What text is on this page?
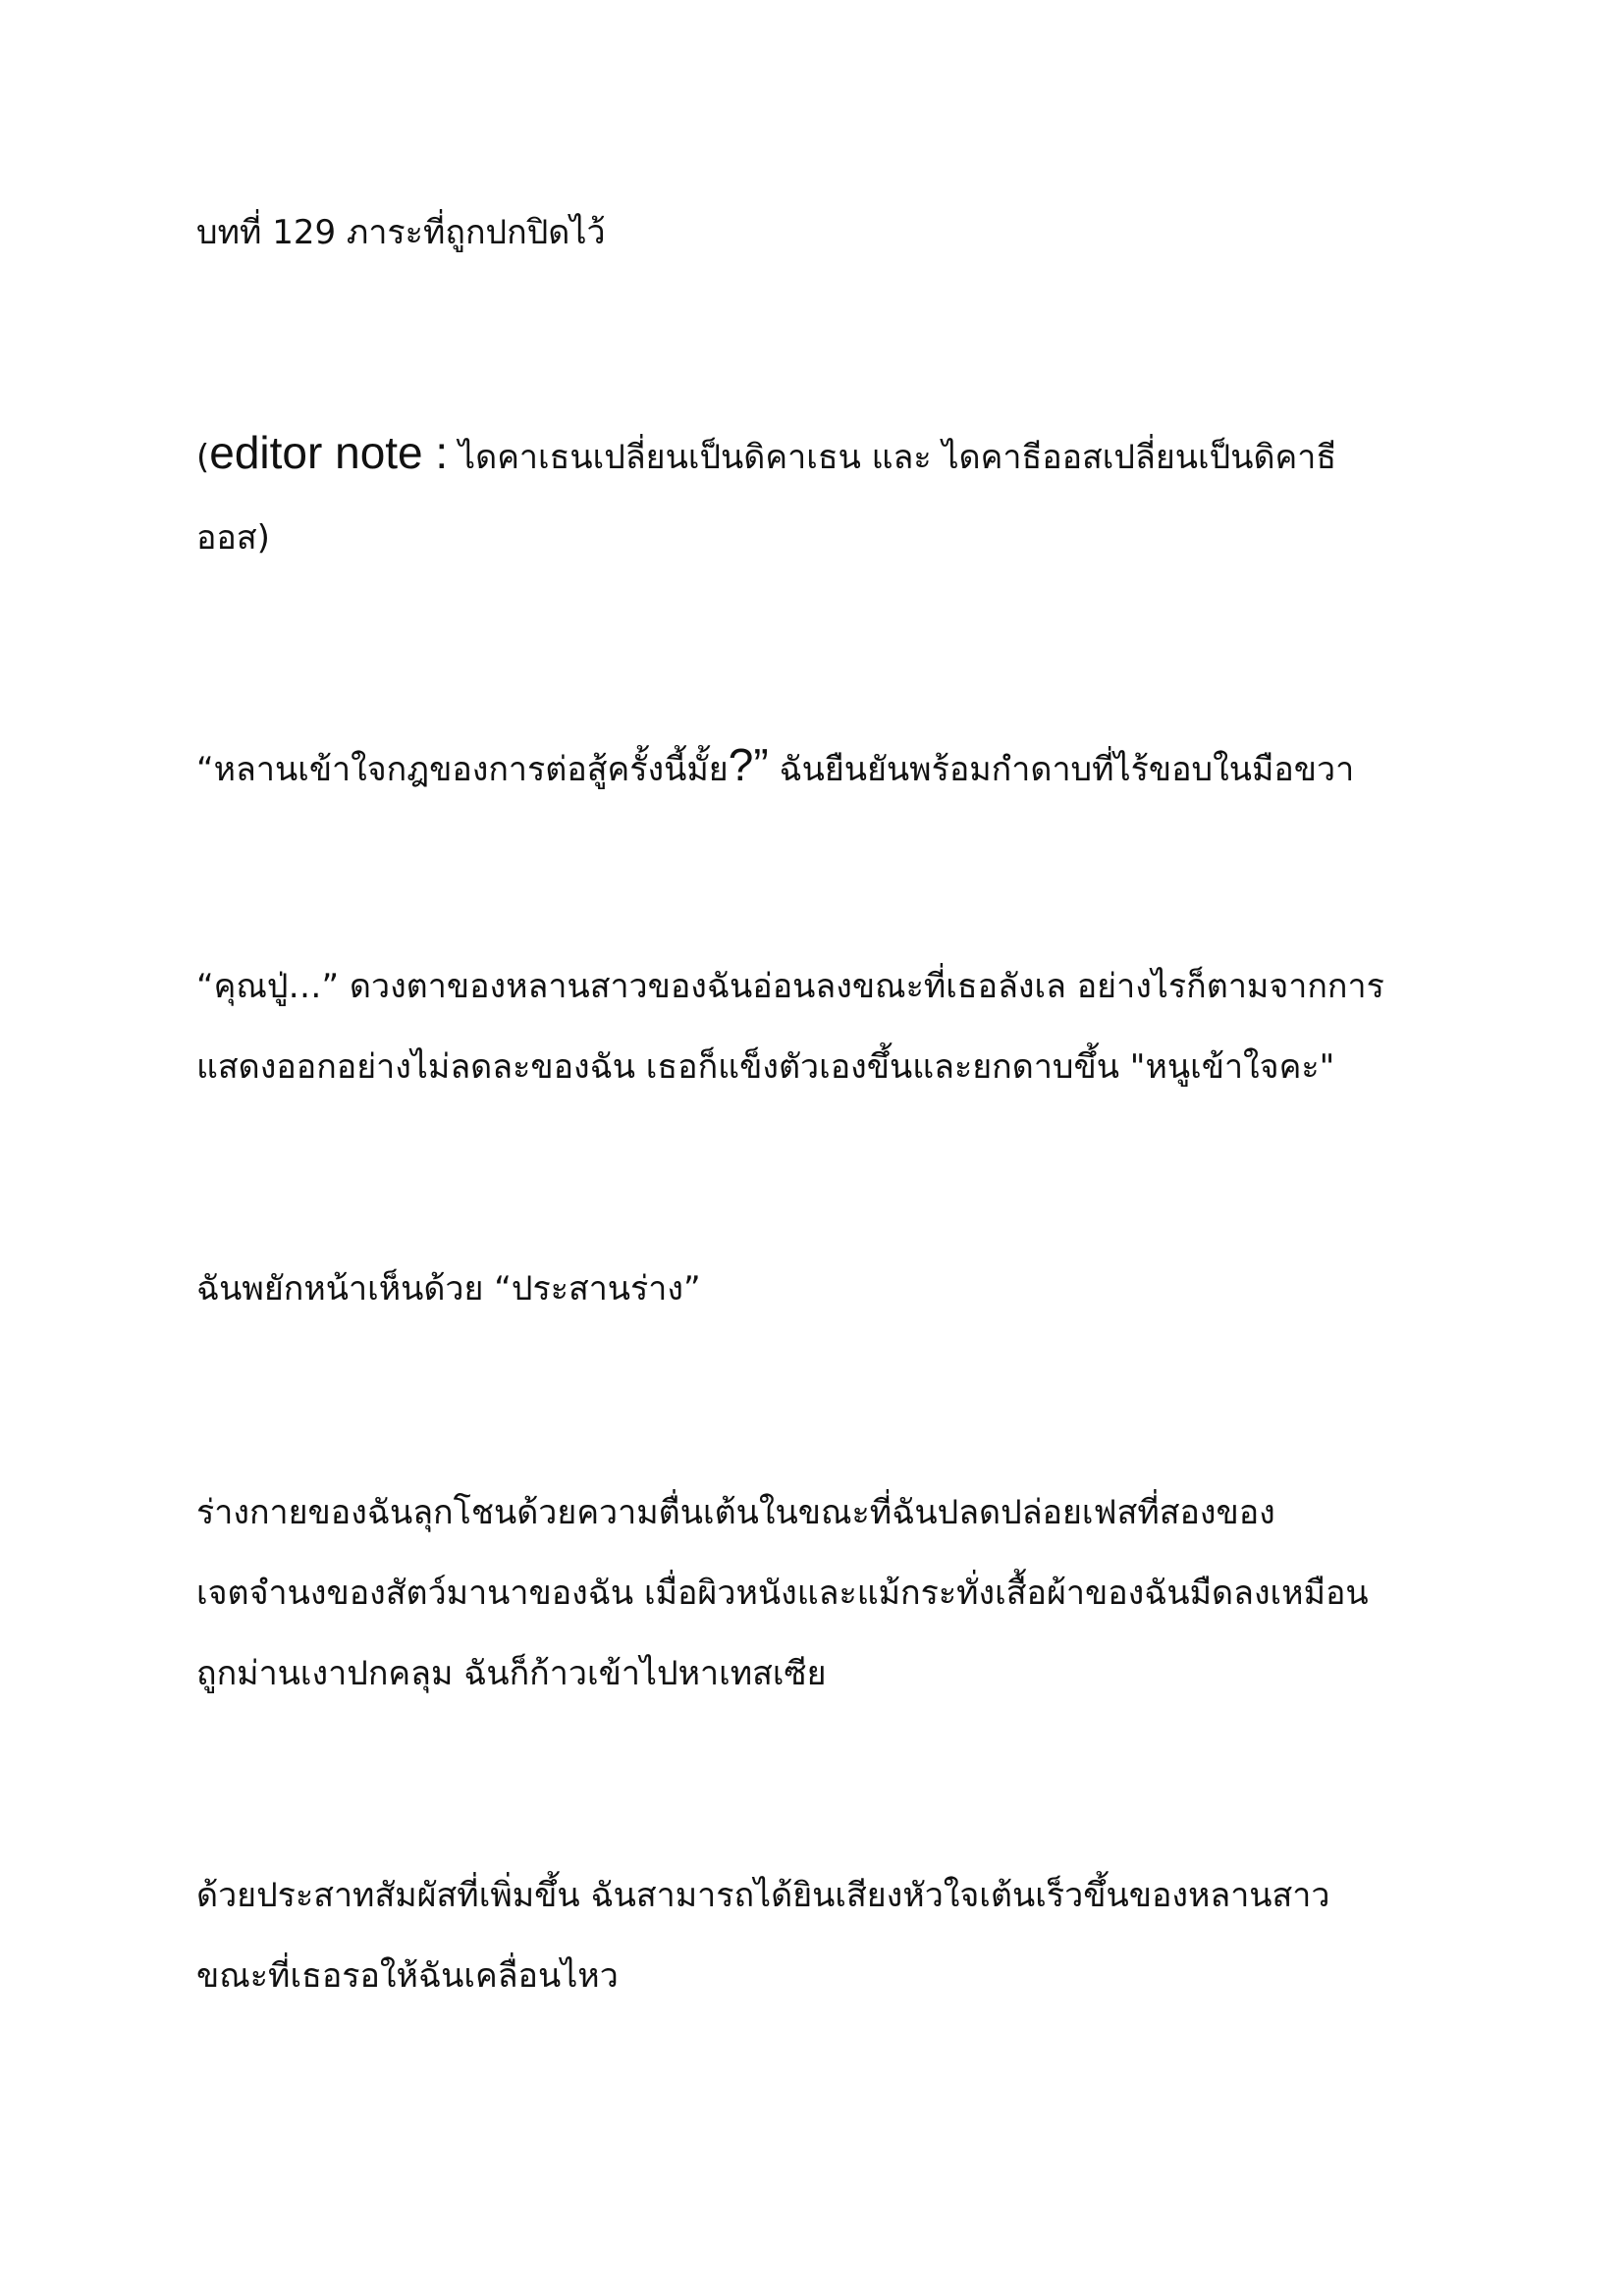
บทที่ 129 ภาระที่ถูกปกปิดไว้

(editor note : ไดคาเธนเปลี่ยนเป็นดิคาเธน และ ไดคาธีออสเปลี่ยนเป็นดิคาธี
ออส)

“หลานเข้าใจกฎของการต่อสู้ครั้งนี้มั้ย?” ฉันยืนยันพร้อมกำดาบที่ไร้ขอบในมือขวา

“คุณปู่…” ดวงตาของหลานสาวของฉันอ่อนลงขณะที่เธอลังเล อย่างไรก็ตามจากการ
แสดงออกอย่างไม่ลดละของฉัน เธอก็แข็งตัวเองขึ้นและยกดาบขึ้น "หนูเข้าใจคะ"

ฉันพยักหน้าเห็นด้วย “ประสานร่าง”

ร่างกายของฉันลุกโชนด้วยความตื่นเต้นในขณะที่ฉันปลดปล่อยเฟสที่สองของ
เจตจำนงของสัตว์มานาของฉัน เมื่อผิวหนังและแม้กระทั่งเสื้อผ้าของฉันมืดลงเหมือน
ถูกม่านเงาปกคลุม ฉันก็ก้าวเข้าไปหาเทสเซีย

ด้วยประสาทสัมผัสที่เพิ่มขึ้น ฉันสามารถได้ยินเสียงหัวใจเต้นเร็วขึ้นของหลานสาว
ขณะที่เธอรอให้ฉันเคลื่อนไหว
